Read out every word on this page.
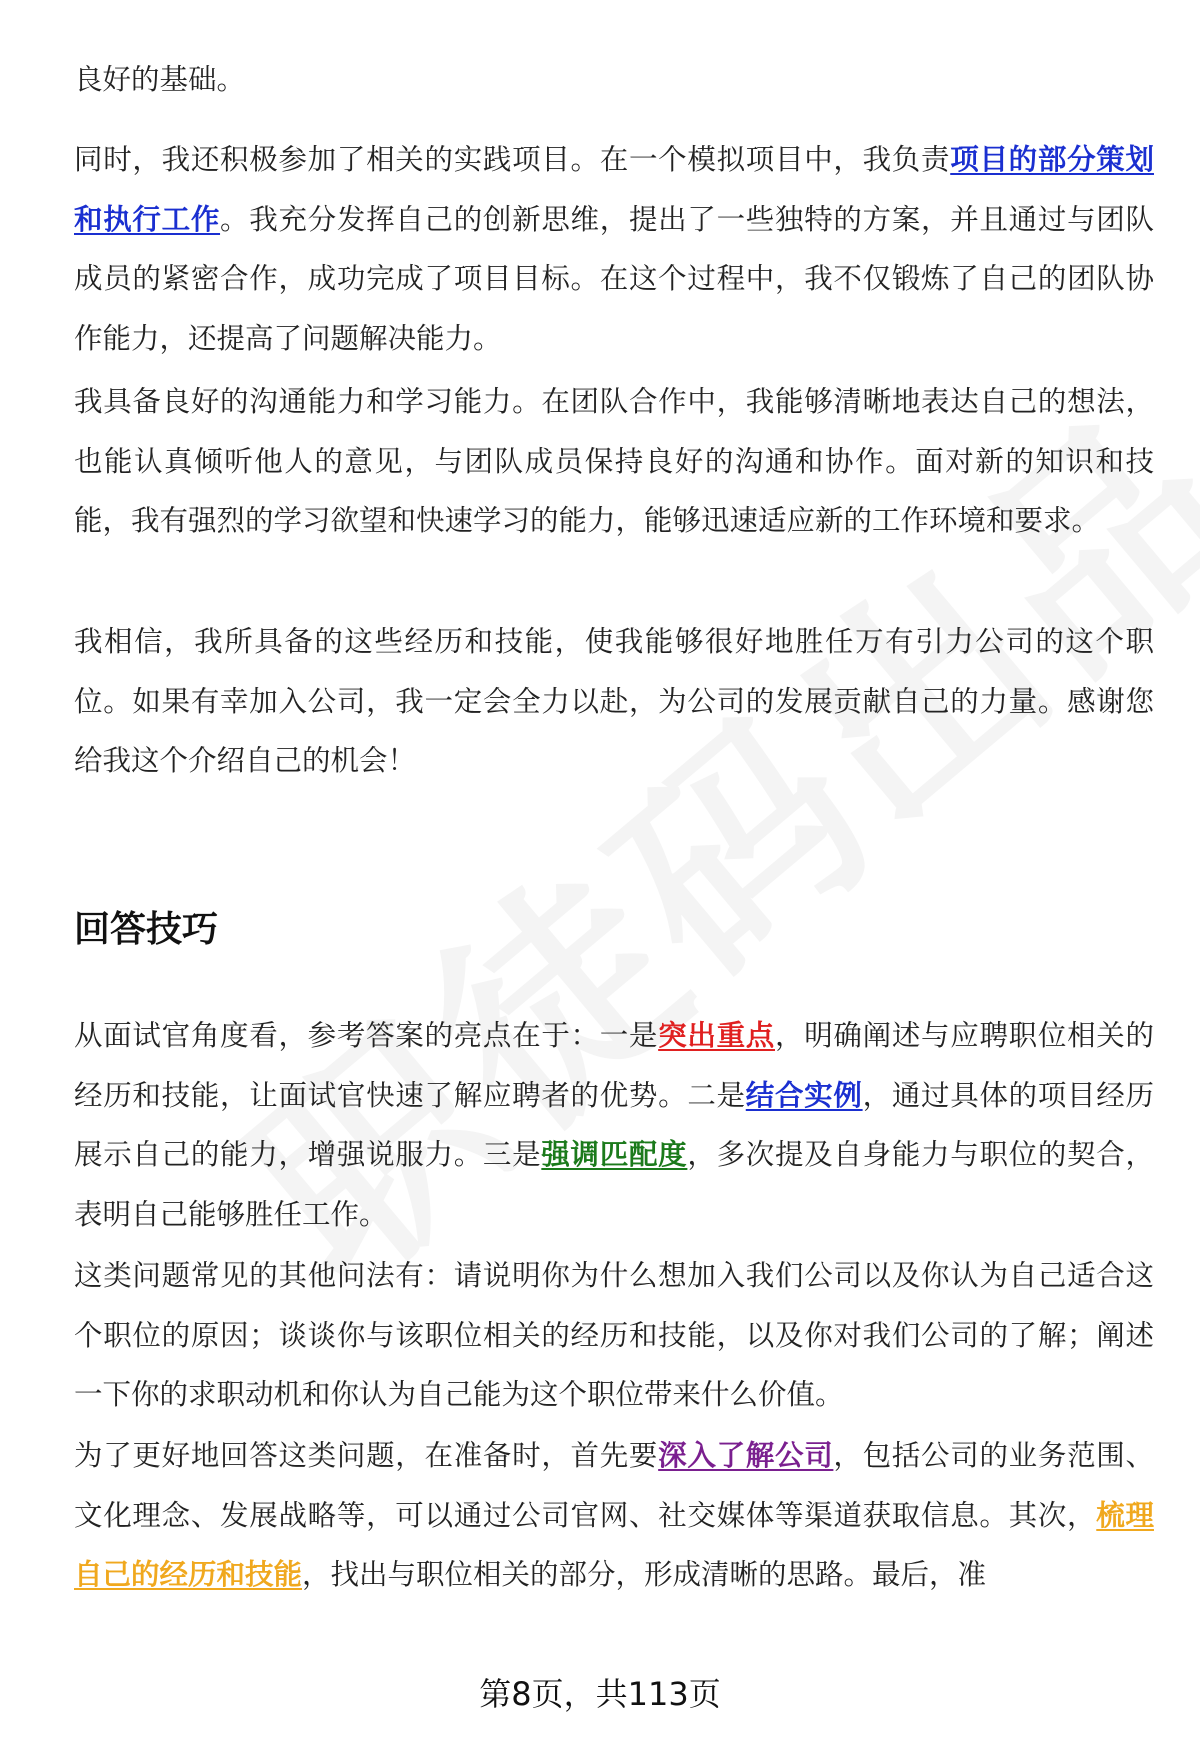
良好的基础。

同时，我还积极参加了相关的实践项目。在一个模拟项目中，我负责项目的部分策划和执行工作。我充分发挥自己的创新思维，提出了一些独特的方案，并且通过与团队成员的紧密合作，成功完成了项目目标。在这个过程中，我不仅锻炼了自己的团队协作能力，还提高了问题解决能力。

我具备良好的沟通能力和学习能力。在团队合作中，我能够清晰地表达自己的想法，也能认真倾听他人的意见，与团队成员保持良好的沟通和协作。面对新的知识和技能，我有强烈的学习欲望和快速学习的能力，能够迅速适应新的工作环境和要求。

我相信，我所具备的这些经历和技能，使我能够很好地胜任万有引力公司的这个职位。如果有幸加入公司，我一定会全力以赴，为公司的发展贡献自己的力量。感谢您给我这个介绍自己的机会！

回答技巧

从面试官角度看，参考答案的亮点在于：一是突出重点，明确阐述与应聘职位相关的经历和技能，让面试官快速了解应聘者的优势。二是结合实例，通过具体的项目经历展示自己的能力，增强说服力。三是强调匹配度，多次提及自身能力与职位的契合，表明自己能够胜任工作。

这类问题常见的其他问法有：请说明你为什么想加入我们公司以及你认为自己适合这个职位的原因；谈谈你与该职位相关的经历和技能，以及你对我们公司的了解；阐述一下你的求职动机和你认为自己能为这个职位带来什么价值。

为了更好地回答这类问题，在准备时，首先要深入了解公司，包括公司的业务范围、文化理念、发展战略等，可以通过公司官网、社交媒体等渠道获取信息。其次，梳理自己的经历和技能，找出与职位相关的部分，形成清晰的思路。最后，准

第8页，共113页
